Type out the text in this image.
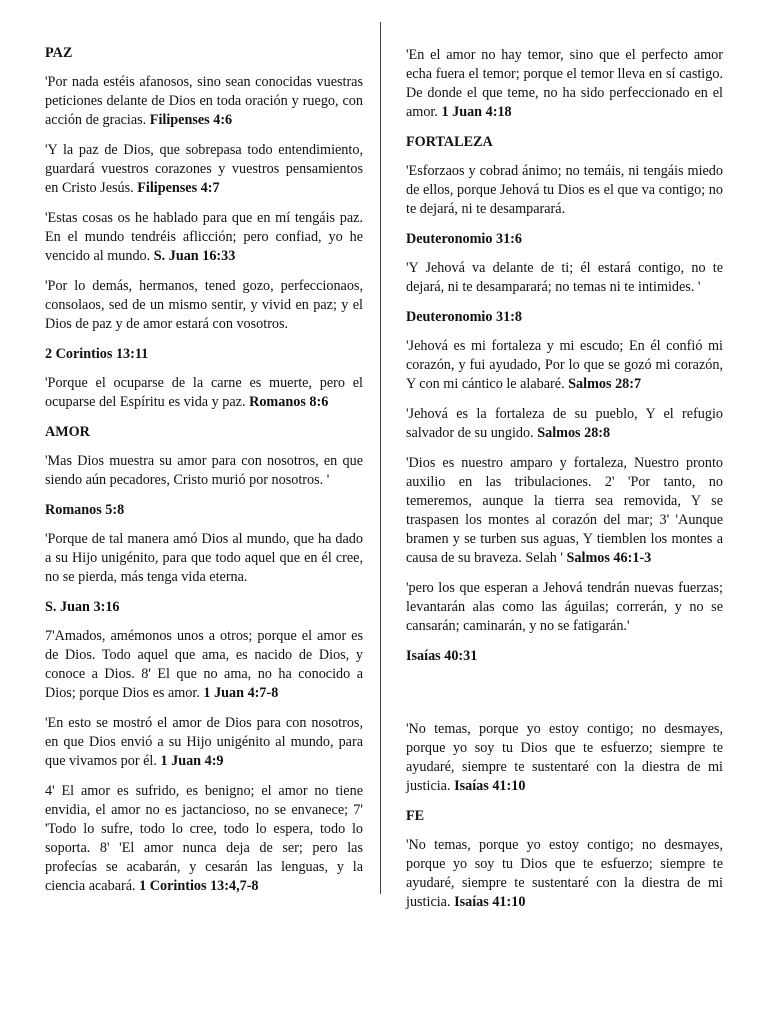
PAZ
'Por nada estéis afanosos, sino sean conocidas vuestras peticiones delante de Dios en toda oración y ruego, con acción de gracias. Filipenses 4:6
'Y la paz de Dios, que sobrepasa todo entendimiento, guardará vuestros corazones y vuestros pensamientos en Cristo Jesús. Filipenses 4:7
'Estas cosas os he hablado para que en mí tengáis paz. En el mundo tendréis aflicción; pero confiad, yo he vencido al mundo. S. Juan 16:33
'Por lo demás, hermanos, tened gozo, perfeccionaos, consolaos, sed de un mismo sentir, y vivid en paz; y el Dios de paz y de amor estará con vosotros.
2 Corintios 13:11
'Porque el ocuparse de la carne es muerte, pero el ocuparse del Espíritu es vida y paz. Romanos 8:6
AMOR
'Mas Dios muestra su amor para con nosotros, en que siendo aún pecadores, Cristo murió por nosotros. '
Romanos 5:8
'Porque de tal manera amó Dios al mundo, que ha dado a su Hijo unigénito, para que todo aquel que en él cree, no se pierda, más tenga vida eterna.
S. Juan 3:16
7'Amados, amémonos unos a otros; porque el amor es de Dios. Todo aquel que ama, es nacido de Dios, y conoce a Dios. 8' El que no ama, no ha conocido a Dios; porque Dios es amor. 1 Juan 4:7-8
'En esto se mostró el amor de Dios para con nosotros, en que Dios envió a su Hijo unigénito al mundo, para que vivamos por él. 1 Juan 4:9
4' El amor es sufrido, es benigno; el amor no tiene envidia, el amor no es jactancioso, no se envanece; 7' 'Todo lo sufre, todo lo cree, todo lo espera, todo lo soporta. 8' 'El amor nunca deja de ser; pero las profecías se acabarán, y cesarán las lenguas, y la ciencia acabará. 1 Corintios 13:4,7-8
'En el amor no hay temor, sino que el perfecto amor echa fuera el temor; porque el temor lleva en sí castigo. De donde el que teme, no ha sido perfeccionado en el amor. 1 Juan 4:18
FORTALEZA
'Esforzaos y cobrad ánimo; no temáis, ni tengáis miedo de ellos, porque Jehová tu Dios es el que va contigo; no te dejará, ni te desamparará.
Deuteronomio 31:6
'Y Jehová va delante de ti; él estará contigo, no te dejará, ni te desamparará; no temas ni te intimides. '
Deuteronomio 31:8
'Jehová es mi fortaleza y mi escudo; En él confió mi corazón, y fui ayudado, Por lo que se gozó mi corazón, Y con mi cántico le alabaré. Salmos 28:7
'Jehová es la fortaleza de su pueblo, Y el refugio salvador de su ungido. Salmos 28:8
'Dios es nuestro amparo y fortaleza, Nuestro pronto auxilio en las tribulaciones. 2' 'Por tanto, no temeremos, aunque la tierra sea removida, Y se traspasen los montes al corazón del mar; 3' 'Aunque bramen y se turben sus aguas, Y tiemblen los montes a causa de su braveza. Selah ' Salmos 46:1-3
'pero los que esperan a Jehová tendrán nuevas fuerzas; levantarán alas como las águilas; correrán, y no se cansarán; caminarán, y no se fatigarán.'
Isaías 40:31
'No temas, porque yo estoy contigo; no desmayes, porque yo soy tu Dios que te esfuerzo; siempre te ayudaré, siempre te sustentaré con la diestra de mi justicia. Isaías 41:10
FE
'No temas, porque yo estoy contigo; no desmayes, porque yo soy tu Dios que te esfuerzo; siempre te ayudaré, siempre te sustentaré con la diestra de mi justicia. Isaías 41:10
